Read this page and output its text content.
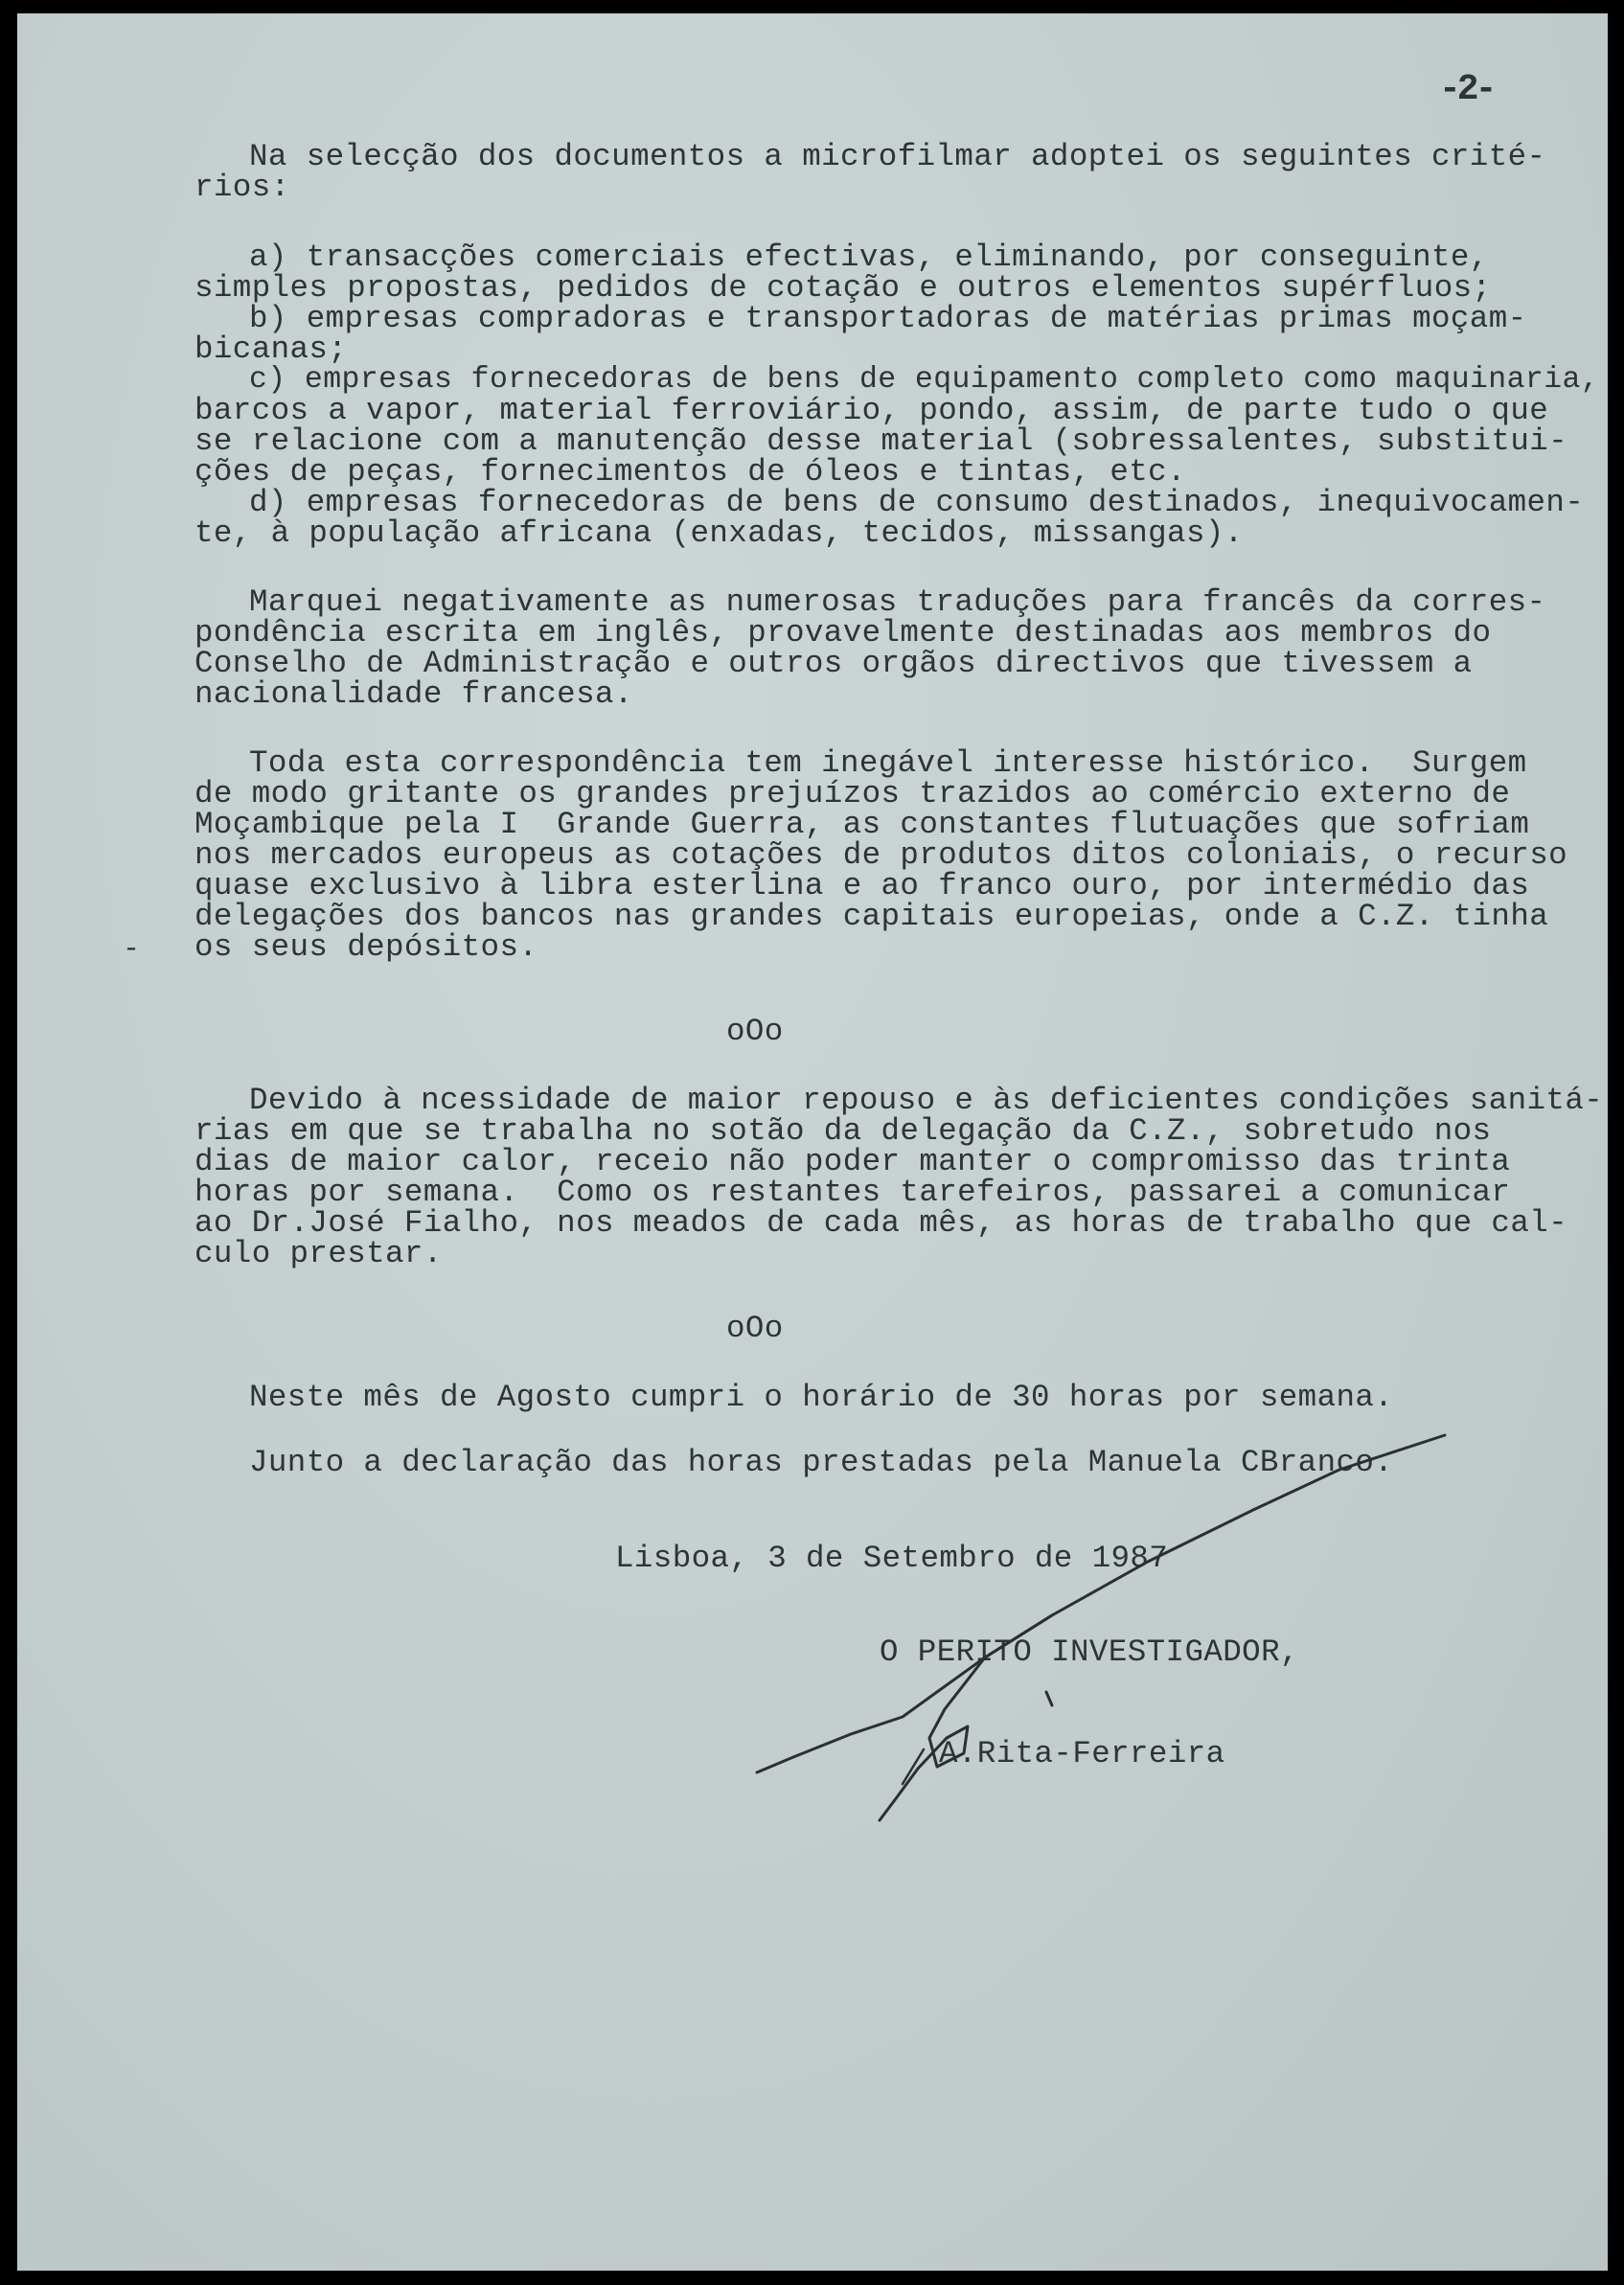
-2-
Na selecção dos documentos a microfilmar adoptei os seguintes crité-
rios:
a) transacções comerciais efectivas, eliminando, por conseguinte,
simples propostas, pedidos de cotação e outros elementos supérfluos;
b) empresas compradoras e transportadoras de matérias primas moçam-
bicanas;
c) empresas fornecedoras de bens de equipamento completo como maquinaria,
barcos a vapor, material ferroviário, pondo, assim, de parte tudo o que
se relacione com a manutenção desse material (sobressalentes, substitui-
ções de peças, fornecimentos de óleos e tintas, etc.
d) empresas fornecedoras de bens de consumo destinados, inequivocamen-
te, à população africana (enxadas, tecidos, missangas).
Marquei negativamente as numerosas traduções para francês da corres-
pondência escrita em inglês, provavelmente destinadas aos membros do
Conselho de Administração e outros orgãos directivos que tivessem a
nacionalidade francesa.
Toda esta correspondência tem inegável interesse histórico.  Surgem
de modo gritante os grandes prejuízos trazidos ao comércio externo de
Moçambique pela I  Grande Guerra, as constantes flutuações que sofriam
nos mercados europeus as cotações de produtos ditos coloniais, o recurso
quase exclusivo à libra esterlina e ao franco ouro, por intermédio das
delegações dos bancos nas grandes capitais europeias, onde a C.Z. tinha
os seus depósitos.
-
oOo
Devido à ncessidade de maior repouso e às deficientes condições sanitá-
rias em que se trabalha no sotão da delegação da C.Z., sobretudo nos
dias de maior calor, receio não poder manter o compromisso das trinta
horas por semana.  Como os restantes tarefeiros, passarei a comunicar
ao Dr.José Fialho, nos meados de cada mês, as horas de trabalho que cal-
culo prestar.
oOo
Neste mês de Agosto cumpri o horário de 30 horas por semana.
Junto a declaração das horas prestadas pela Manuela CBranco.
Lisboa, 3 de Setembro de 1987
O PERITO INVESTIGADOR,
A.Rita-Ferreira
